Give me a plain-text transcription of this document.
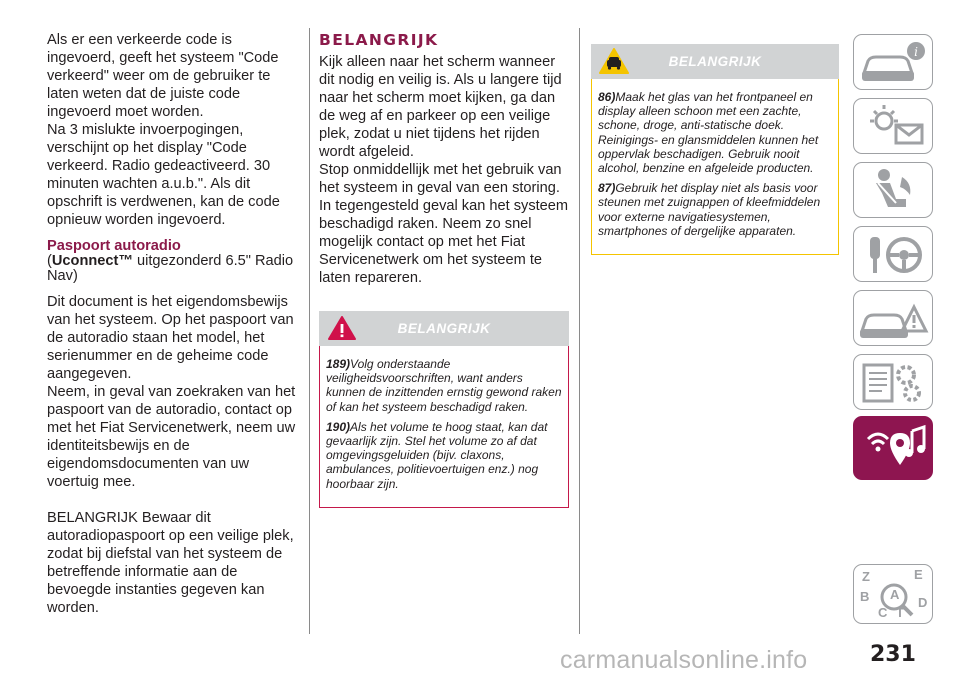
Als er een verkeerde code is ingevoerd, geeft het systeem "Code verkeerd" weer om de gebruiker te laten weten dat de juiste code ingevoerd moet worden.

Na 3 mislukte invoerpogingen, verschijnt op het display "Code verkeerd. Radio gedeactiveerd. 30 minuten wachten a.u.b.". Als dit opschrift is verdwenen, kan de code opnieuw worden ingevoerd.

Paspoort autoradio

(Uconnect™ uitgezonderd 6.5" Radio Nav)

Dit document is het eigendomsbewijs van het systeem. Op het paspoort van de autoradio staan het model, het serienummer en de geheime code aangegeven.

Neem, in geval van zoekraken van het paspoort van de autoradio, contact op met het Fiat Servicenetwerk, neem uw identiteitsbewijs en de eigendomsdocumenten van uw voertuig mee.

BELANGRIJK Bewaar dit autoradiopaspoort op een veilige plek, zodat bij diefstal van het systeem de betreffende informatie aan de bevoegde instanties gegeven kan worden.

BELANGRIJK

Kijk alleen naar het scherm wanneer dit nodig en veilig is. Als u langere tijd naar het scherm moet kijken, ga dan de weg af en parkeer op een veilige plek, zodat u niet tijdens het rijden wordt afgeleid.

Stop onmiddellijk met het gebruik van het systeem in geval van een storing. In tegengesteld geval kan het systeem beschadigd raken. Neem zo snel mogelijk contact op met het Fiat Servicenetwerk om het systeem te laten repareren.

BELANGRIJK

189)Volg onderstaande veiligheidsvoorschriften, want anders kunnen de inzittenden ernstig gewond raken of kan het systeem beschadigd raken.

190)Als het volume te hoog staat, kan dat gevaarlijk zijn. Stel het volume zo af dat omgevingsgeluiden (bijv. claxons, ambulances, politievoertuigen enz.) nog hoorbaar zijn.

BELANGRIJK

86)Maak het glas van het frontpaneel en display alleen schoon met een zachte, schone, droge, anti-statische doek. Reinigings- en glansmiddelen kunnen het oppervlak beschadigen. Gebruik nooit alcohol, benzine en afgeleide producten.

87)Gebruik het display niet als basis voor steunen met zuignappen of kleefmiddelen voor externe navigatiesystemen, smartphones of dergelijke apparaten.

i
Z	E
A
B
C T
D
carmanualsonline.info	231
